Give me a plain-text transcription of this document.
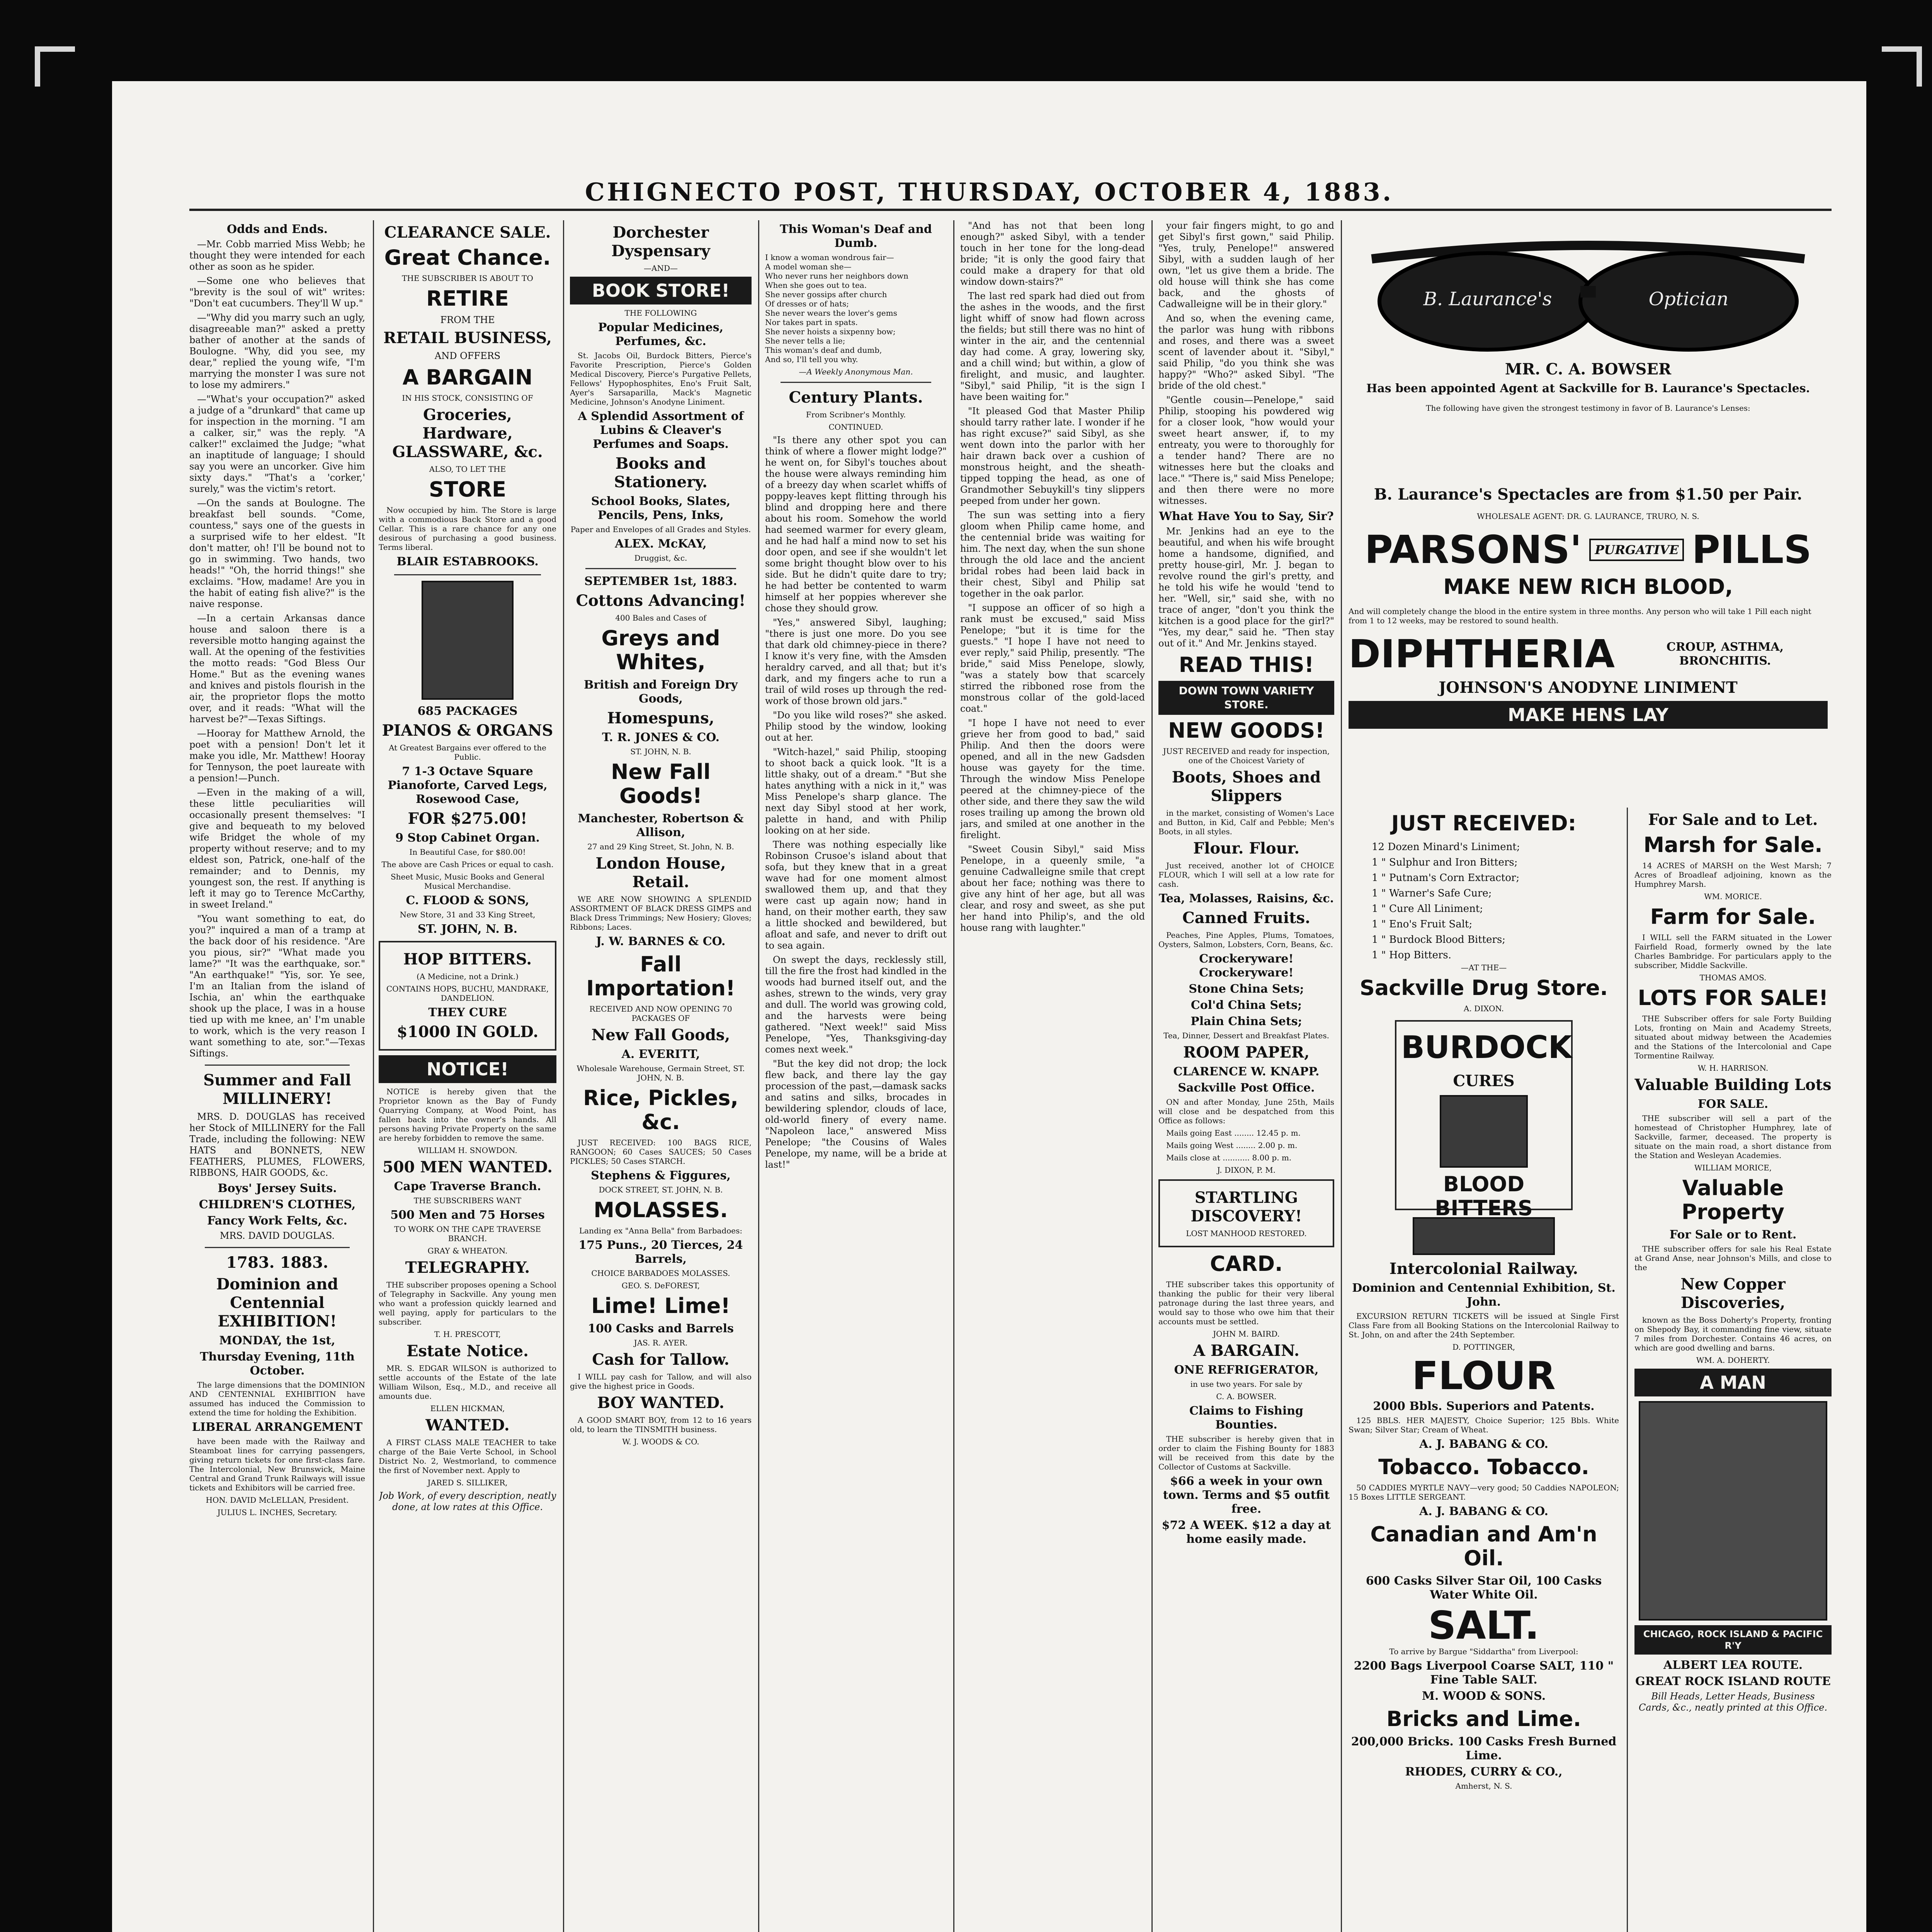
CHIGNECTO POST, THURSDAY, OCTOBER 4, 1883.
Odds and Ends.

—Mr. Cobb married Miss Webb; he thought they were intended for each other as soon as he spider.

—Some one who believes that "brevity is the soul of wit" writes: "Don't eat cucumbers. They'll W up."

—"Why did you marry such an ugly, disagreeable man?" asked a pretty bather of another at the sands of Boulogne. "Why, did you see, my dear," replied the young wife, "I'm marrying the monster I was sure not to lose my admirers."

—"What's your occupation?" asked a judge of a "drunkard" that came up for inspection in the morning. "I am a calker, sir," was the reply. "A calker!" exclaimed the Judge; "what an inaptitude of language; I should say you were an uncorker. Give him sixty days." "That's a 'corker,' surely," was the victim's retort.

—On the sands at Boulogne. The breakfast bell sounds. "Come, countess," says one of the guests in a surprised wife to her eldest. "It don't matter, oh! I'll be bound not to go in swimming. Two hands, two heads!" "Oh, the horrid things!" she exclaims. "How, madame! Are you in the habit of eating fish alive?" is the naive response.

—In a certain Arkansas dance house and saloon there is a reversible motto hanging against the wall. At the opening of the festivities the motto reads: "God Bless Our Home." But as the evening wanes and knives and pistols flourish in the air, the proprietor flops the motto over, and it reads: "What will the harvest be?"—Texas Siftings.

—Hooray for Matthew Arnold, the poet with a pension! Don't let it make you idle, Mr. Matthew! Hooray for Tennyson, the poet laureate with a pension!—Punch.

—Even in the making of a will, these little peculiarities will occasionally present themselves: "I give and bequeath to my beloved wife Bridget the whole of my property without reserve; and to my eldest son, Patrick, one-half of the remainder; and to Dennis, my youngest son, the rest. If anything is left it may go to Terence McCarthy, in sweet Ireland."

"You want something to eat, do you?" inquired a man of a tramp at the back door of his residence. "Are you pious, sir?" "What made you lame?" "It was the earthquake, sor." "An earthquake!" "Yis, sor. Ye see, I'm an Italian from the island of Ischia, an' whin the earthquake shook up the place, I was in a house tied up with me knee, an' I'm unable to work, which is the very reason I want something to ate, sor."—Texas Siftings.

Summer and Fall MILLINERY!

MRS. D. DOUGLAS has received her Stock of MILLINERY for the Fall Trade, including the following: NEW HATS and BONNETS, NEW FEATHERS, PLUMES, FLOWERS, RIBBONS, HAIR GOODS, &c.

Boys' Jersey Suits.
CHILDREN'S CLOTHES,
Fancy Work Felts, &c.

MRS. DAVID DOUGLAS.

1783. 1883.
Dominion and Centennial EXHIBITION!
MONDAY, the 1st,
Thursday Evening, 11th October.

The large dimensions that the DOMINION AND CENTENNIAL EXHIBITION have assumed has induced the Commission to extend the time for holding the Exhibition.

LIBERAL ARRANGEMENT

have been made with the Railway and Steamboat lines for carrying passengers, giving return tickets for one first-class fare. The Intercolonial, New Brunswick, Maine Central and Grand Trunk Railways will issue tickets and Exhibitors will be carried free.

HON. DAVID McLELLAN, President.

JULIUS L. INCHES, Secretary.

CLEARANCE SALE.
Great Chance.

THE SUBSCRIBER IS ABOUT TO

RETIRE

FROM THE

RETAIL BUSINESS,

AND OFFERS

A BARGAIN

IN HIS STOCK, CONSISTING OF

Groceries, Hardware, GLASSWARE, &c.

ALSO, TO LET THE

STORE

Now occupied by him. The Store is large with a commodious Back Store and a good Cellar. This is a rare chance for any one desirous of purchasing a good business. Terms liberal.

BLAIR ESTABROOKS.
685 PACKAGES
PIANOS & ORGANS

At Greatest Bargains ever offered to the Public.

7 1-3 Octave Square Pianoforte, Carved Legs, Rosewood Case,
FOR $275.00!
9 Stop Cabinet Organ.

In Beautiful Case, for $80.00!

The above are Cash Prices or equal to cash.

Sheet Music, Music Books and General Musical Merchandise.

C. FLOOD & SONS,

New Store, 31 and 33 King Street,

ST. JOHN, N. B.
HOP BITTERS.

(A Medicine, not a Drink.)

CONTAINS HOPS, BUCHU, MANDRAKE, DANDELION.

THEY CURE
$1000 IN GOLD.
NOTICE!

NOTICE is hereby given that the Proprietor known as the Bay of Fundy Quarrying Company, at Wood Point, has fallen back into the owner's hands. All persons having Private Property on the same are hereby forbidden to remove the same.

WILLIAM H. SNOWDON.

500 MEN WANTED.
Cape Traverse Branch.

THE SUBSCRIBERS WANT

500 Men and 75 Horses

TO WORK ON THE CAPE TRAVERSE BRANCH.

GRAY & WHEATON.

TELEGRAPHY.

THE subscriber proposes opening a School of Telegraphy in Sackville. Any young men who want a profession quickly learned and well paying, apply for particulars to the subscriber.

T. H. PRESCOTT,

Estate Notice.

MR. S. EDGAR WILSON is authorized to settle accounts of the Estate of the late William Wilson, Esq., M.D., and receive all amounts due.

ELLEN HICKMAN,

WANTED.

A FIRST CLASS MALE TEACHER to take charge of the Baie Verte School, in School District No. 2, Westmorland, to commence the first of November next. Apply to

JARED S. SILLIKER,

Job Work, of every description, neatly done, at low rates at this Office.

Dorchester Dyspensary

—AND—

BOOK STORE!

THE FOLLOWING

Popular Medicines, Perfumes, &c.

St. Jacobs Oil, Burdock Bitters, Pierce's Favorite Prescription, Pierce's Golden Medical Discovery, Pierce's Purgative Pellets, Fellows' Hypophosphites, Eno's Fruit Salt, Ayer's Sarsaparilla, Mack's Magnetic Medicine, Johnson's Anodyne Liniment.

A Splendid Assortment of Lubins & Cleaver's Perfumes and Soaps.
Books and Stationery.
School Books, Slates, Pencils, Pens, Inks,

Paper and Envelopes of all Grades and Styles.

ALEX. McKAY,

Druggist, &c.

SEPTEMBER 1st, 1883.
Cottons Advancing!

400 Bales and Cases of

Greys and Whites,
British and Foreign Dry Goods,
Homespuns,
T. R. JONES & CO.

ST. JOHN, N. B.

New Fall Goods!
Manchester, Robertson & Allison,

27 and 29 King Street, St. John, N. B.

London House, Retail.

WE ARE NOW SHOWING A SPLENDID ASSORTMENT OF BLACK DRESS GIMPS and Black Dress Trimmings; New Hosiery; Gloves; Ribbons; Laces.

J. W. BARNES & CO.
Fall Importation!

RECEIVED AND NOW OPENING 70 PACKAGES OF

New Fall Goods,
A. EVERITT,

Wholesale Warehouse, Germain Street, ST. JOHN, N. B.

Rice, Pickles, &c.

JUST RECEIVED: 100 BAGS RICE, RANGOON; 60 Cases SAUCES; 50 Cases PICKLES; 50 Cases STARCH.

Stephens & Figgures,

DOCK STREET, ST. JOHN, N. B.

MOLASSES.

Landing ex "Anna Bella" from Barbadoes:

175 Puns., 20 Tierces, 24 Barrels,

CHOICE BARBADOES MOLASSES.

GEO. S. DeFOREST,

Lime! Lime!
100 Casks and Barrels

JAS. R. AYER.

Cash for Tallow.

I WILL pay cash for Tallow, and will also give the highest price in Goods.

BOY WANTED.

A GOOD SMART BOY, from 12 to 16 years old, to learn the TINSMITH business.

W. J. WOODS & CO.

This Woman's Deaf and Dumb.

I know a woman wondrous fair—
A model woman she—
Who never runs her neighbors down
When she goes out to tea.
She never gossips after church
Of dresses or of hats;
She never wears the lover's gems
Nor takes part in spats.
She never hoists a sixpenny bow;
She never tells a lie;
This woman's deaf and dumb,
And so, I'll tell you why.

—A Weekly Anonymous Man.

Century Plants.

From Scribner's Monthly.

CONTINUED.

"Is there any other spot you can think of where a flower might lodge?" he went on, for Sibyl's touches about the house were always reminding him of a breezy day when scarlet whiffs of poppy-leaves kept flitting through his blind and dropping here and there about his room. Somehow the world had seemed warmer for every gleam, and he had half a mind now to set his door open, and see if she wouldn't let some bright thought blow over to his side. But he didn't quite dare to try; he had better be contented to warm himself at her poppies wherever she chose they should grow.

"Yes," answered Sibyl, laughing; "there is just one more. Do you see that dark old chimney-piece in there? I know it's very fine, with the Amsden heraldry carved, and all that; but it's dark, and my fingers ache to run a trail of wild roses up through the red-work of those brown old jars."

"Do you like wild roses?" she asked. Philip stood by the window, looking out at her.

"Witch-hazel," said Philip, stooping to shoot back a quick look. "It is a little shaky, out of a dream." "But she hates anything with a nick in it," was Miss Penelope's sharp glance. The next day Sibyl stood at her work, palette in hand, and with Philip looking on at her side.

There was nothing especially like Robinson Crusoe's island about that sofa, but they knew that in a great wave had for one moment almost swallowed them up, and that they were cast up again now; hand in hand, on their mother earth, they saw a little shocked and bewildered, but afloat and safe, and never to drift out to sea again.

On swept the days, recklessly still, till the fire the frost had kindled in the woods had burned itself out, and the ashes, strewn to the winds, very gray and dull. The world was growing cold, and the harvests were being gathered. "Next week!" said Miss Penelope, "Yes, Thanksgiving-day comes next week."

"But the key did not drop; the lock flew back, and there lay the gay procession of the past,—damask sacks and satins and silks, brocades in bewildering splendor, clouds of lace, old-world finery of every name. "Napoleon lace," answered Miss Penelope; "the Cousins of Wales Penelope, my name, will be a bride at last!"

"And has not that been long enough?" asked Sibyl, with a tender touch in her tone for the long-dead bride; "it is only the good fairy that could make a drapery for that old window down-stairs?"

The last red spark had died out from the ashes in the woods, and the first light whiff of snow had flown across the fields; but still there was no hint of winter in the air, and the centennial day had come. A gray, lowering sky, and a chill wind; but within, a glow of firelight, and music, and laughter. "Sibyl," said Philip, "it is the sign I have been waiting for."

"It pleased God that Master Philip should tarry rather late. I wonder if he has right excuse?" said Sibyl, as she went down into the parlor with her hair drawn back over a cushion of monstrous height, and the sheath-tipped topping the head, as one of Grandmother Sebuykill's tiny slippers peeped from under her gown.

The sun was setting into a fiery gloom when Philip came home, and the centennial bride was waiting for him. The next day, when the sun shone through the old lace and the ancient bridal robes had been laid back in their chest, Sibyl and Philip sat together in the oak parlor.

"I suppose an officer of so high a rank must be excused," said Miss Penelope; "but it is time for the guests." "I hope I have not need to ever reply," said Philip, presently. "The bride," said Miss Penelope, slowly, "was a stately bow that scarcely stirred the ribboned rose from the monstrous collar of the gold-laced coat."

"I hope I have not need to ever grieve her from good to bad," said Philip. And then the doors were opened, and all in the new Gadsden house was gayety for the time. Through the window Miss Penelope peered at the chimney-piece of the other side, and there they saw the wild roses trailing up among the brown old jars, and smiled at one another in the firelight.

"Sweet Cousin Sibyl," said Miss Penelope, in a queenly smile, "a genuine Cadwalleigne smile that crept about her face; nothing was there to give any hint of her age, but all was clear, and rosy and sweet, as she put her hand into Philip's, and the old house rang with laughter."

your fair fingers might, to go and get Sibyl's first gown," said Philip. "Yes, truly, Penelope!" answered Sibyl, with a sudden laugh of her own, "let us give them a bride. The old house will think she has come back, and the ghosts of Cadwalleigne will be in their glory."

And so, when the evening came, the parlor was hung with ribbons and roses, and there was a sweet scent of lavender about it. "Sibyl," said Philip, "do you think she was happy?" "Who?" asked Sibyl. "The bride of the old chest."

"Gentle cousin—Penelope," said Philip, stooping his powdered wig for a closer look, "how would your sweet heart answer, if, to my entreaty, you were to thoroughly for a tender hand? There are no witnesses here but the cloaks and lace." "There is," said Miss Penelope; and then there were no more witnesses.

What Have You to Say, Sir?

Mr. Jenkins had an eye to the beautiful, and when his wife brought home a handsome, dignified, and pretty house-girl, Mr. J. began to revolve round the girl's pretty, and he told his wife he would 'tend to her. "Well, sir," said she, with no trace of anger, "don't you think the kitchen is a good place for the girl?" "Yes, my dear," said he. "Then stay out of it." And Mr. Jenkins stayed.

READ THIS!
DOWN TOWN VARIETY STORE.
NEW GOODS!

JUST RECEIVED and ready for inspection, one of the Choicest Variety of

Boots, Shoes and Slippers

in the market, consisting of Women's Lace and Button, in Kid, Calf and Pebble; Men's Boots, in all styles.

Flour. Flour.

Just received, another lot of CHOICE FLOUR, which I will sell at a low rate for cash.

Tea, Molasses, Raisins, &c.
Canned Fruits.

Peaches, Pine Apples, Plums, Tomatoes, Oysters, Salmon, Lobsters, Corn, Beans, &c.

Crockeryware! Crockeryware!
Stone China Sets;
Col'd China Sets;
Plain China Sets;

Tea, Dinner, Dessert and Breakfast Plates.

ROOM PAPER,
CLARENCE W. KNAPP.
Sackville Post Office.

ON and after Monday, June 25th, Mails will close and be despatched from this Office as follows:

Mails going East ........ 12.45 p. m.

Mails going West ........ 2.00 p. m.

Mails close at ........... 8.00 p. m.

J. DIXON, P. M.

STARTLING DISCOVERY!

LOST MANHOOD RESTORED.

CARD.

THE subscriber takes this opportunity of thanking the public for their very liberal patronage during the last three years, and would say to those who owe him that their accounts must be settled.

JOHN M. BAIRD.

A BARGAIN.
ONE REFRIGERATOR,

in use two years. For sale by

C. A. BOWSER.

Claims to Fishing Bounties.

THE subscriber is hereby given that in order to claim the Fishing Bounty for 1883 will be received from this date by the Collector of Customs at Sackville.

$66 a week in your own town. Terms and $5 outfit free.
$72 A WEEK. $12 a day at home easily made.
B. Laurance's	Optician
MR. C. A. BOWSER
Has been appointed Agent at Sackville for B. Laurance's Spectacles.

The following have given the strongest testimony in favor of B. Laurance's Lenses:

B. Laurance's Spectacles are from $1.50 per Pair.

WHOLESALE AGENT: DR. G. LAURANCE, TRURO, N. S.

PARSONS'	PURGATIVE PILLS
MAKE NEW RICH BLOOD,

And will completely change the blood in the entire system in three months. Any person who will take 1 Pill each night from 1 to 12 weeks, may be restored to sound health.

DIPHTHERIA	CROUP, ASTHMA, BRONCHITIS.
JOHNSON'S ANODYNE LINIMENT
MAKE HENS LAY
JUST RECEIVED:
12 Dozen Minard's Liniment;
1 " Sulphur and Iron Bitters;
1 " Putnam's Corn Extractor;
1 " Warner's Safe Cure;
1 " Cure All Liniment;
1 " Eno's Fruit Salt;
1 " Burdock Blood Bitters;
1 " Hop Bitters.

—AT THE—

Sackville Drug Store.

A. DIXON.

BURDOCK
CURES
BLOOD BITTERS
Intercolonial Railway.
Dominion and Centennial Exhibition, St. John.

EXCURSION RETURN TICKETS will be issued at Single First Class Fare from all Booking Stations on the Intercolonial Railway to St. John, on and after the 24th September.

D. POTTINGER,

FLOUR
2000 Bbls. Superiors and Patents.

125 BBLS. HER MAJESTY, Choice Superior; 125 Bbls. White Swan; Silver Star; Cream of Wheat.

A. J. BABANG & CO.
Tobacco. Tobacco.

50 CADDIES MYRTLE NAVY—very good; 50 Caddies NAPOLEON; 15 Boxes LITTLE SERGEANT.

A. J. BABANG & CO.
Canadian and Am'n Oil.
600 Casks Silver Star Oil, 100 Casks Water White Oil.
SALT.

To arrive by Bargue "Siddartha" from Liverpool:

2200 Bags Liverpool Coarse SALT, 110 " Fine Table SALT.
M. WOOD & SONS.
Bricks and Lime.
200,000 Bricks. 100 Casks Fresh Burned Lime.
RHODES, CURRY & CO.,

Amherst, N. S.

For Sale and to Let.
Marsh for Sale.

14 ACRES of MARSH on the West Marsh; 7 Acres of Broadleaf adjoining, known as the Humphrey Marsh.

WM. MORICE.

Farm for Sale.

I WILL sell the FARM situated in the Lower Fairfield Road, formerly owned by the late Charles Bambridge. For particulars apply to the subscriber, Middle Sackville.

THOMAS AMOS.

LOTS FOR SALE!

THE Subscriber offers for sale Forty Building Lots, fronting on Main and Academy Streets, situated about midway between the Academies and the Stations of the Intercolonial and Cape Tormentine Railway.

W. H. HARRISON.

Valuable Building Lots
FOR SALE.

THE subscriber will sell a part of the homestead of Christopher Humphrey, late of Sackville, farmer, deceased. The property is situate on the main road, a short distance from the Station and Wesleyan Academies.

WILLIAM MORICE,

Valuable Property
For Sale or to Rent.

THE subscriber offers for sale his Real Estate at Grand Anse, near Johnson's Mills, and close to the

New Copper Discoveries,

known as the Boss Doherty's Property, fronting on Shepody Bay, it commanding fine view, situate 7 miles from Dorchester. Contains 46 acres, on which are good dwelling and barns.

WM. A. DOHERTY.

A MAN
CHICAGO, ROCK ISLAND & PACIFIC R'Y
ALBERT LEA ROUTE.
GREAT ROCK ISLAND ROUTE

Bill Heads, Letter Heads, Business Cards, &c., neatly printed at this Office.
